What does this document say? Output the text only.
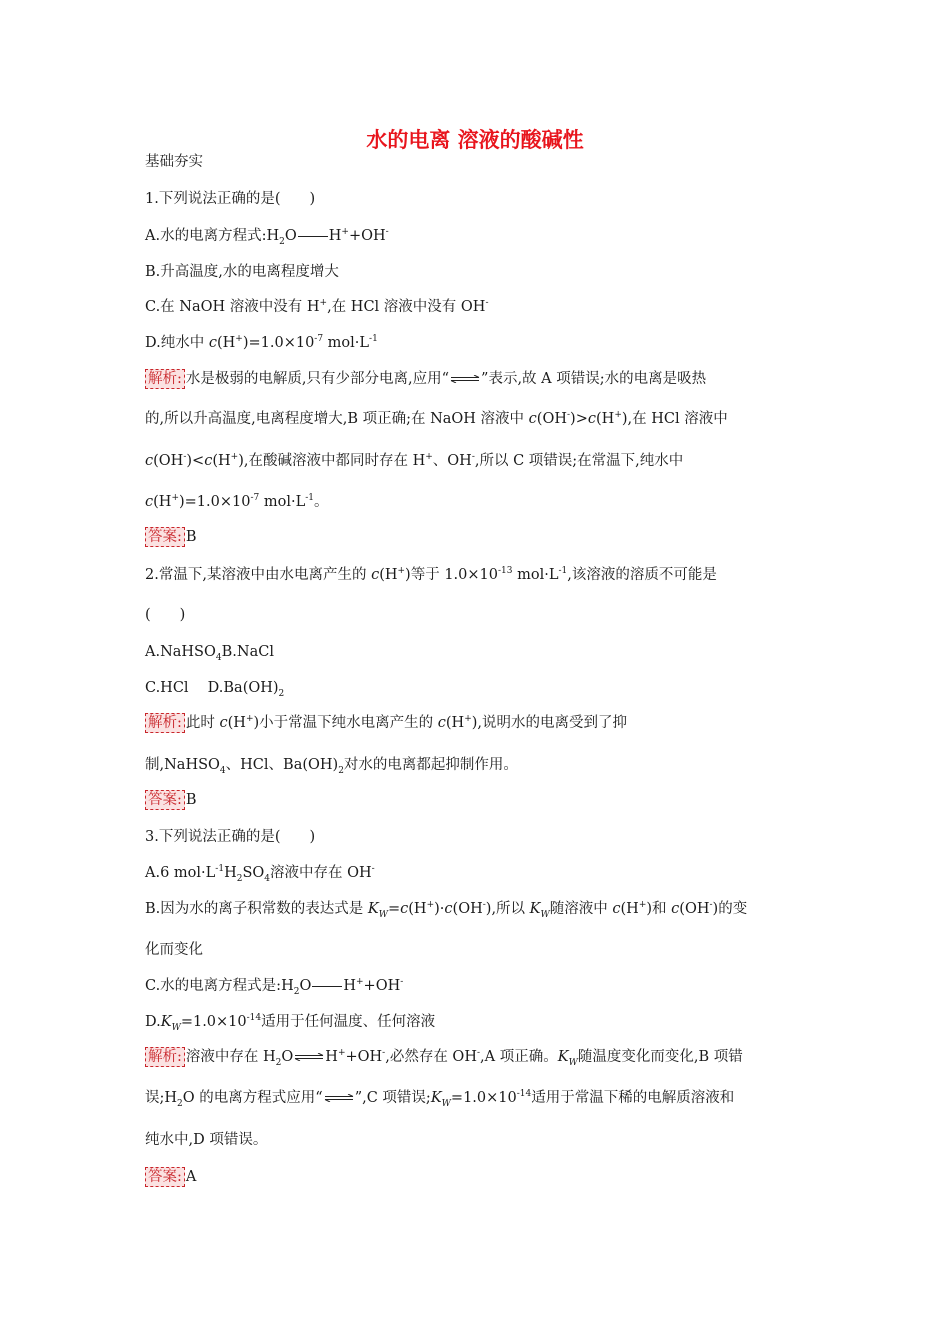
水的电离 溶液的酸碱性
基础夯实
1.下列说法正确的是(　　)
A.水的电离方程式$:H_2O$ H++OH-
B.升高温度,水的电离程度增大
C.在 NaOH 溶液中没有 H+,在 HCl 溶液中没有 OH-
D.纯水中 $c(H^+)=1.0\times 10^{-7}$ $mol\cdot L^{-1}$
解析: 水是极弱的电解质,只有少部分电离,应用“⇌”表示,故 A 项错误;水的电离是吸热
的,所以升高温度,电离程度增大,B 项正确;在 NaOH 溶液中 c(OH-)>c(H+),在 HCl 溶液中
c(OH-)<c(H+),在酸碱溶液中都同时存在 H+、OH-,所以 C 项错误;在常温下,纯水中
$c(H^+)=1.0\times 10^{-7}$ $mol\cdot L^{-1}$。
答案: B
2.常温下,某溶液中由水电离产生的 c(H+)等于 $1.0\times 10^{-13}$ $mol\cdot L^{-1}$,该溶液的溶质不可能是
(　　)
A.NaHSO$_4$B.NaCl
C.HCl　 $D.Ba(OH)_2$
解析: 此时 c(H+)小于常温下纯水电离产生的 c(H+),说明水的电离受到了抑
制,NaHSO$_4$、HCl、$Ba(OH)_2$对水的电离都起抑制作用。
答案: B
3.下列说法正确的是(　　)
A.6 $mol\cdot L^{-1}H_2SO_4$溶液中存在 OH-
B.因为水的离子积常数的表达式是 $K_W=c(H^+)\cdot c(OH^-)$,所以 $K_W$随溶液中 c(H+)和 c(OH-)的变
化而变化
C.水的电离方程式是$:H_2O$ H++OH-
$D.K_W=1.0\times 10^{-14}$适用于任何温度、任何溶液
解析: 溶液中存在 $H_2O\rightleftharpoons H^++OH^-$,必然存在 OH-,A 项正确。$K_W$随温度变化而变化,B 项错
误$;H_2O$ 的电离方程式应用“⇌”,C 项错误$;K_W=1.0\times 10^{-14}$适用于常温下稀的电解质溶液和
纯水中,D 项错误。
答案: A
